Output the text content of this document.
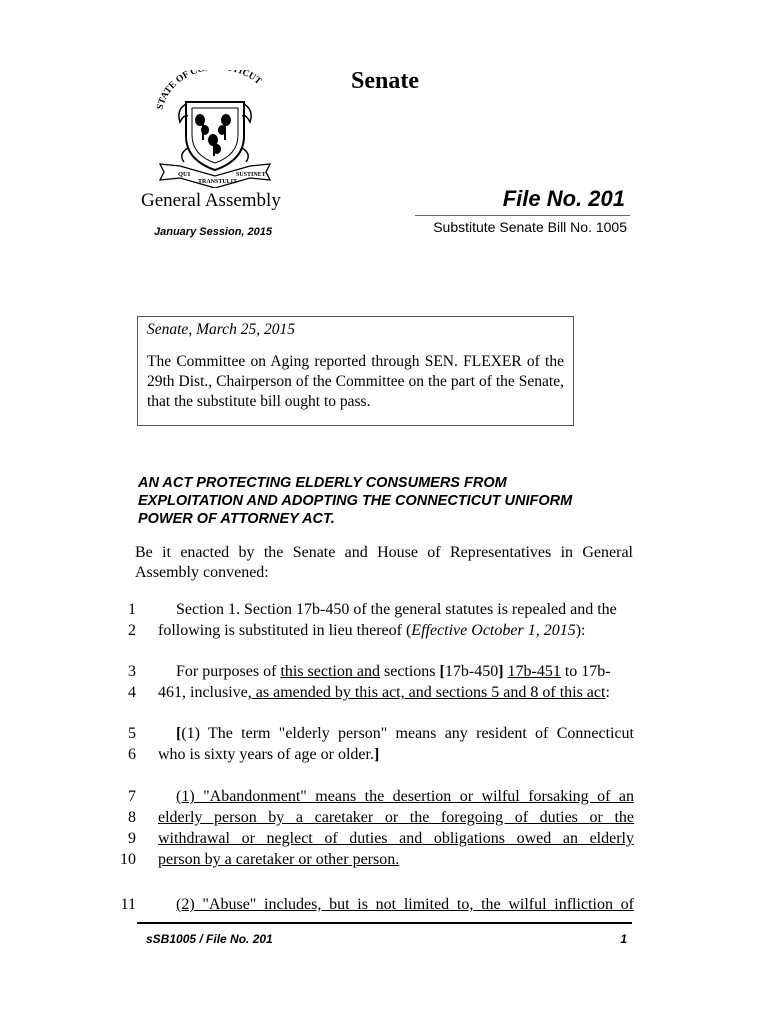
STATE OF C ICUT
QUI
TRANSTULIT
SUSTINET
Senate
General Assembly	File No. 201
January Session, 2015	Substitute Senate Bill No. 1005
Senate, March 25, 2015
The Committee on Aging reported through SEN. FLEXER of the 29th Dist., Chairperson of the Committee on the part of the Senate, that the substitute bill ought to pass.
AN ACT PROTECTING ELDERLY CONSUMERS FROM EXPLOITATION AND ADOPTING THE CONNECTICUT UNIFORM POWER OF ATTORNEY ACT.
Be it enacted by the Senate and House of Representatives in General Assembly convened:
1	Section 1. Section 17b-450 of the general statutes is repealed and the
2	following is substituted in lieu thereof (Effective October 1, 2015):
3	For purposes of this section and sections [17b-450] 17b-451 to 17b-
4	461, inclusive, as amended by this act, and sections 5 and 8 of this act:
5	[(1) The term "elderly person" means any resident of Connecticut
6	who is sixty years of age or older.]
7	(1) "Abandonment" means the desertion or wilful forsaking of an
8	elderly person by a caretaker or the foregoing of duties or the
9	withdrawal or neglect of duties and obligations owed an elderly
10	person by a caretaker or other person.
11	(2) "Abuse" includes, but is not limited to, the wilful infliction of
sSB1005 / File No. 201	1
